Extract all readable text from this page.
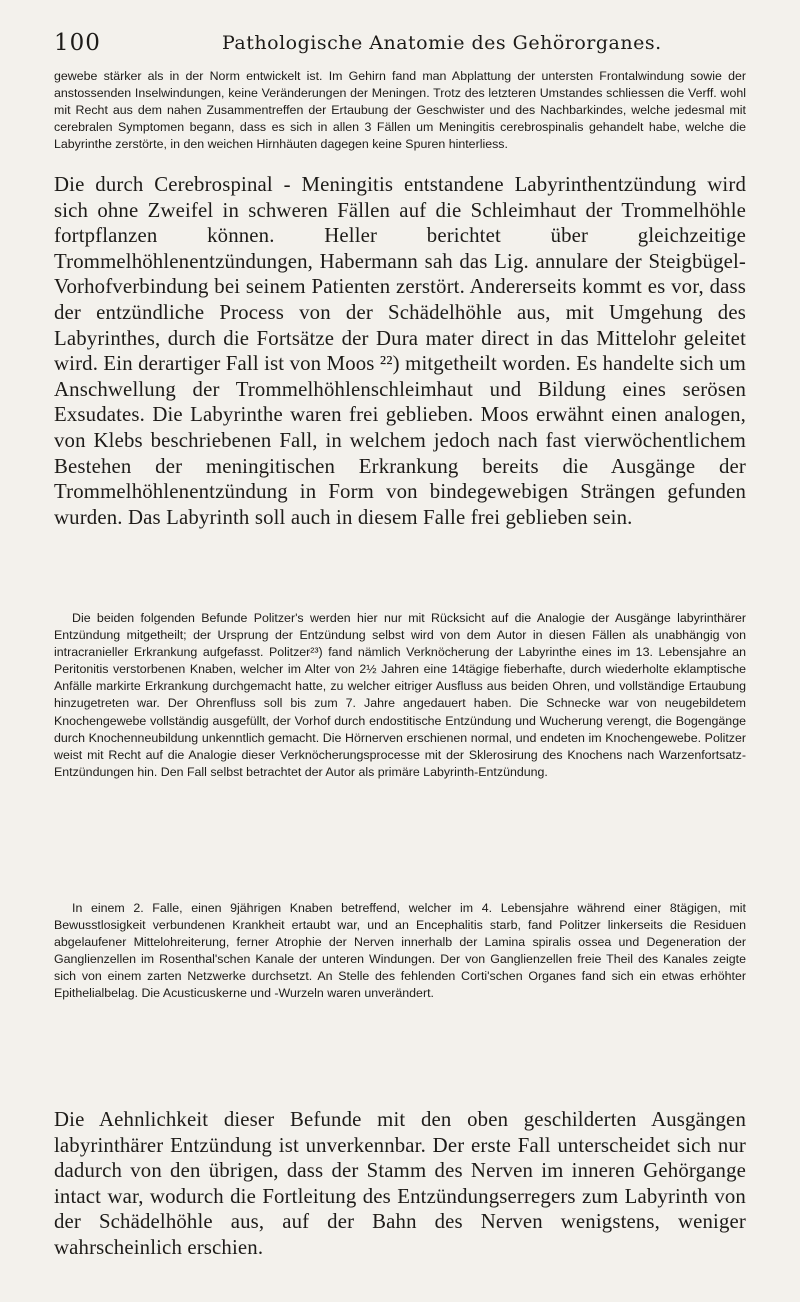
100	Pathologische Anatomie des Gehörorganes.
gewebe stärker als in der Norm entwickelt ist. Im Gehirn fand man Abplattung der untersten Frontalwindung sowie der anstossenden Inselwindungen, keine Veränderungen der Meningen. Trotz des letzteren Umstandes schliessen die Verff. wohl mit Recht aus dem nahen Zusammentreffen der Ertaubung der Geschwister und des Nachbarkindes, welche jedesmal mit cerebralen Symptomen begann, dass es sich in allen 3 Fällen um Meningitis cerebrospinalis gehandelt habe, welche die Labyrinthe zerstörte, in den weichen Hirnhäuten dagegen keine Spuren hinterliess.
Die durch Cerebrospinal - Meningitis entstandene Labyrinthentzündung wird sich ohne Zweifel in schweren Fällen auf die Schleimhaut der Trommelhöhle fortpflanzen können. Heller berichtet über gleichzeitige Trommelhöhlenentzündungen, Habermann sah das Lig. annulare der Steigbügel-Vorhofverbindung bei seinem Patienten zerstört. Andererseits kommt es vor, dass der entzündliche Process von der Schädelhöhle aus, mit Umgehung des Labyrinthes, durch die Fortsätze der Dura mater direct in das Mittelohr geleitet wird. Ein derartiger Fall ist von Moos ²²) mitgetheilt worden. Es handelte sich um Anschwellung der Trommelhöhlenschleimhaut und Bildung eines serösen Exsudates. Die Labyrinthe waren frei geblieben. Moos erwähnt einen analogen, von Klebs beschriebenen Fall, in welchem jedoch nach fast vierwöchentlichem Bestehen der meningitischen Erkrankung bereits die Ausgänge der Trommelhöhlenentzündung in Form von bindegewebigen Strängen gefunden wurden. Das Labyrinth soll auch in diesem Falle frei geblieben sein.
Die beiden folgenden Befunde Politzer's werden hier nur mit Rücksicht auf die Analogie der Ausgänge labyrinthärer Entzündung mitgetheilt; der Ursprung der Entzündung selbst wird von dem Autor in diesen Fällen als unabhängig von intracranieller Erkrankung aufgefasst. Politzer²³) fand nämlich Verknöcherung der Labyrinthe eines im 13. Lebensjahre an Peritonitis verstorbenen Knaben, welcher im Alter von 2½ Jahren eine 14tägige fieberhafte, durch wiederholte eklamptische Anfälle markirte Erkrankung durchgemacht hatte, zu welcher eitriger Ausfluss aus beiden Ohren, und vollständige Ertaubung hinzugetreten war. Der Ohrenfluss soll bis zum 7. Jahre angedauert haben. Die Schnecke war von neugebildetem Knochengewebe vollständig ausgefüllt, der Vorhof durch endostitische Entzündung und Wucherung verengt, die Bogengänge durch Knochenneubildung unkenntlich gemacht. Die Hörnerven erschienen normal, und endeten im Knochengewebe. Politzer weist mit Recht auf die Analogie dieser Verknöcherungsprocesse mit der Sklerosirung des Knochens nach Warzenfortsatz-Entzündungen hin. Den Fall selbst betrachtet der Autor als primäre Labyrinth-Entzündung.
In einem 2. Falle, einen 9jährigen Knaben betreffend, welcher im 4. Lebensjahre während einer 8tägigen, mit Bewusstlosigkeit verbundenen Krankheit ertaubt war, und an Encephalitis starb, fand Politzer linkerseits die Residuen abgelaufener Mittelohreiterung, ferner Atrophie der Nerven innerhalb der Lamina spiralis ossea und Degeneration der Ganglienzellen im Rosenthal'schen Kanale der unteren Windungen. Der von Ganglienzellen freie Theil des Kanales zeigte sich von einem zarten Netzwerke durchsetzt. An Stelle des fehlenden Corti'schen Organes fand sich ein etwas erhöhter Epithelialbelag. Die Acusticuskerne und -Wurzeln waren unverändert.
Die Aehnlichkeit dieser Befunde mit den oben geschilderten Ausgängen labyrinthärer Entzündung ist unverkennbar. Der erste Fall unterscheidet sich nur dadurch von den übrigen, dass der Stamm des Nerven im inneren Gehörgange intact war, wodurch die Fortleitung des Entzündungserregers zum Labyrinth von der Schädelhöhle aus, auf der Bahn des Nerven wenigstens, weniger wahrscheinlich erschien.
